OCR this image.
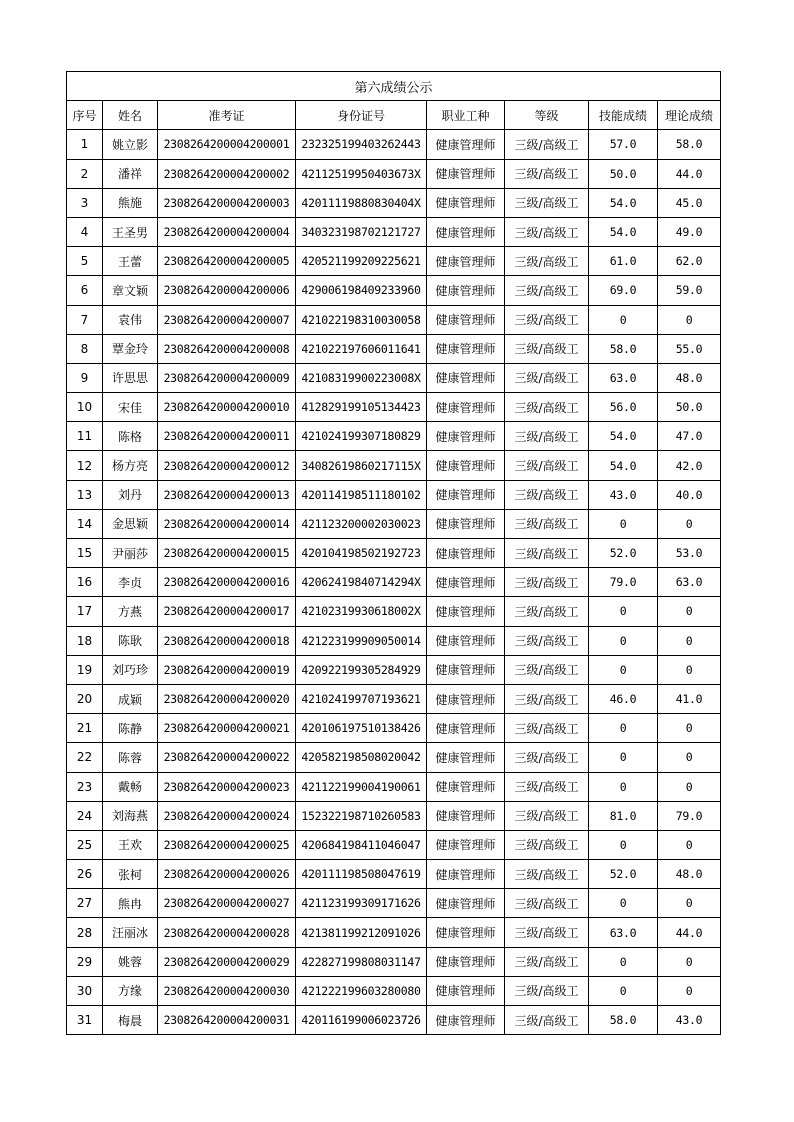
第六成绩公示							
序号	姓名	准考证	身份证号	职业工种	等级	技能成绩	理论成绩
1	姚立影	2308264200004200001	232325199403262443	健康管理师	三级/高级工	57.0	58.0
2	潘祥	2308264200004200002	42112519950403673X	健康管理师	三级/高级工	50.0	44.0
3	熊施	2308264200004200003	42011119880830404X	健康管理师	三级/高级工	54.0	45.0
4	王圣男	2308264200004200004	340323198702121727	健康管理师	三级/高级工	54.0	49.0
5	王蕾	2308264200004200005	420521199209225621	健康管理师	三级/高级工	61.0	62.0
6	章文颖	2308264200004200006	429006198409233960	健康管理师	三级/高级工	69.0	59.0
7	袁伟	2308264200004200007	421022198310030058	健康管理师	三级/高级工	0	0
8	覃金玲	2308264200004200008	421022197606011641	健康管理师	三级/高级工	58.0	55.0
9	许思思	2308264200004200009	42108319900223008X	健康管理师	三级/高级工	63.0	48.0
10	宋佳	2308264200004200010	412829199105134423	健康管理师	三级/高级工	56.0	50.0
11	陈格	2308264200004200011	421024199307180829	健康管理师	三级/高级工	54.0	47.0
12	杨方亮	2308264200004200012	34082619860217115X	健康管理师	三级/高级工	54.0	42.0
13	刘丹	2308264200004200013	420114198511180102	健康管理师	三级/高级工	43.0	40.0
14	金思颖	2308264200004200014	421123200002030023	健康管理师	三级/高级工	0	0
15	尹丽莎	2308264200004200015	420104198502192723	健康管理师	三级/高级工	52.0	53.0
16	李贞	2308264200004200016	42062419840714294X	健康管理师	三级/高级工	79.0	63.0
17	方燕	2308264200004200017	42102319930618002X	健康管理师	三级/高级工	0	0
18	陈耿	2308264200004200018	421223199909050014	健康管理师	三级/高级工	0	0
19	刘巧珍	2308264200004200019	420922199305284929	健康管理师	三级/高级工	0	0
20	成颖	2308264200004200020	421024199707193621	健康管理师	三级/高级工	46.0	41.0
21	陈静	2308264200004200021	420106197510138426	健康管理师	三级/高级工	0	0
22	陈蓉	2308264200004200022	420582198508020042	健康管理师	三级/高级工	0	0
23	戴畅	2308264200004200023	421122199004190061	健康管理师	三级/高级工	0	0
24	刘海燕	2308264200004200024	152322198710260583	健康管理师	三级/高级工	81.0	79.0
25	王欢	2308264200004200025	420684198411046047	健康管理师	三级/高级工	0	0
26	张柯	2308264200004200026	420111198508047619	健康管理师	三级/高级工	52.0	48.0
27	熊冉	2308264200004200027	421123199309171626	健康管理师	三级/高级工	0	0
28	汪丽冰	2308264200004200028	421381199212091026	健康管理师	三级/高级工	63.0	44.0
29	姚蓉	2308264200004200029	422827199808031147	健康管理师	三级/高级工	0	0
30	方缘	2308264200004200030	421222199603280080	健康管理师	三级/高级工	0	0
31	梅晨	2308264200004200031	420116199006023726	健康管理师	三级/高级工	58.0	43.0
